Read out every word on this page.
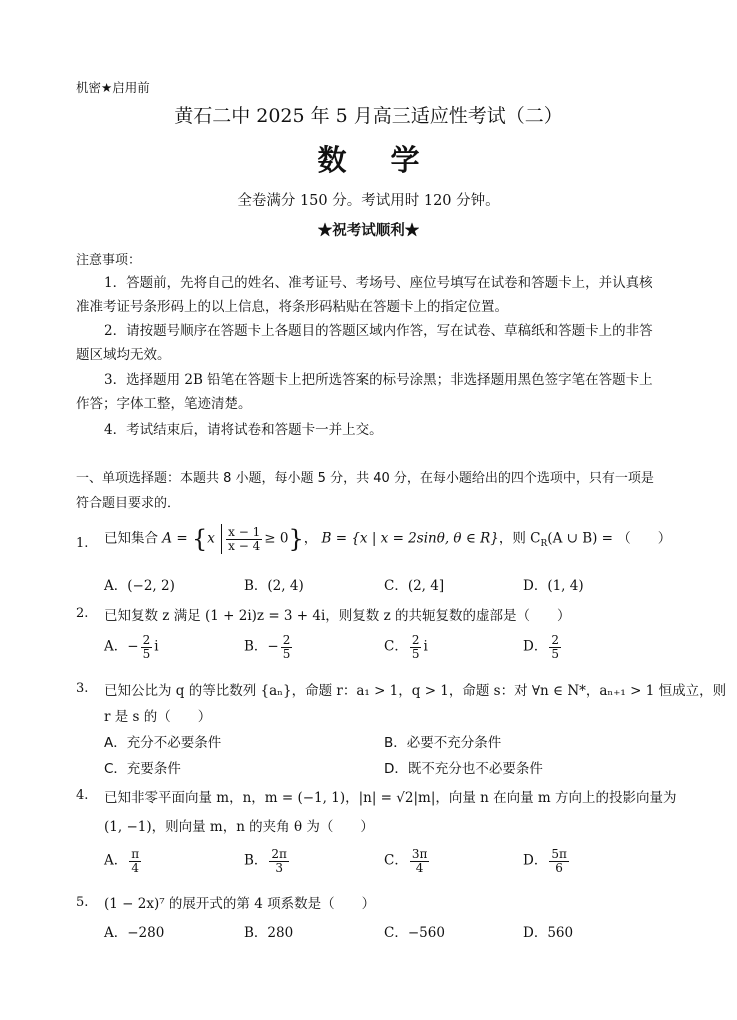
机密★启用前
黄石二中 2025 年 5 月高三适应性考试（二）
数学
全卷满分 150 分。考试用时 120 分钟。
★祝考试顺利★
注意事项：
1．答题前，先将自己的姓名、准考证号、考场号、座位号填写在试卷和答题卡上，并认真核准准考证号条形码上的以上信息，将条形码粘贴在答题卡上的指定位置。
2．请按题号顺序在答题卡上各题目的答题区域内作答，写在试卷、草稿纸和答题卡上的非答题区域均无效。
3．选择题用 2B 铅笔在答题卡上把所选答案的标号涂黑；非选择题用黑色签字笔在答题卡上作答；字体工整，笔迹清楚。
4．考试结束后，请将试卷和答题卡一并上交。
一、单项选择题：本题共 8 小题，每小题 5 分，共 40 分，在每小题给出的四个选项中，只有一项是符合题目要求的．
1. 已知集合 $A = \{x \frac{x - 1}{x - 4} \ge 0\}$， B = {x | x = 2sinθ, θ ∈ R}，则 $C_R(A$ ∪ B) = （　　）
A．(−2, 2)	B．(2, 4)	C．(2, 4]	D．(1, 4)
2. 已知复数 z 满足 (1 + 2i)z = 3 + 4i，则复数 z 的共轭复数的虚部是（　　）
A．− $\frac{2}{5}$ i	B．− $\frac{2}{5}$	C． $\frac{2}{5}$ i	D． $\frac{2}{5}$
3. 已知公比为 q 的等比数列 {aₙ}，命题 r：a₁ > 1，q > 1，命题 s：对 ∀n ∈ N*，aₙ₊₁ > 1 恒成立，则
r 是 s 的（　　）
A．充分不必要条件	B．必要不充分条件
C．充要条件	D．既不充分也不必要条件
4. 已知非零平面向量 m，n，m = (−1, 1)，|n| = √2|m|，向量 n 在向量 m 方向上的投影向量为
(1, −1)，则向量 m，n 的夹角 θ 为（　　）
A． $\frac{\pi}{4}$	B． $\frac{2\pi}{3}$	C． $\frac{3\pi}{4}$	D． $\frac{5\pi}{6}$
5. (1 − 2x)⁷ 的展开式的第 4 项系数是（　　）
A．−280	B．280	C．−560	D．560
